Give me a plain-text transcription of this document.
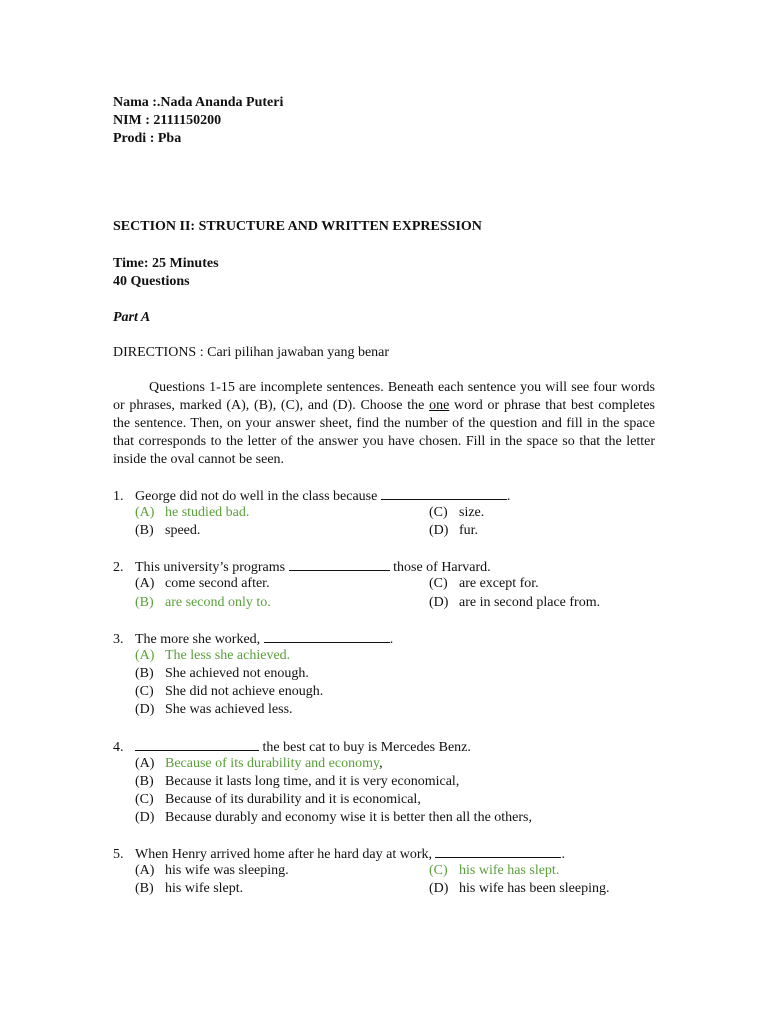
Nama :.Nada Ananda Puteri
NIM : 2111150200
Prodi : Pba
SECTION II: STRUCTURE AND WRITTEN EXPRESSION
Time: 25 Minutes
40 Questions
Part A
DIRECTIONS : Cari pilihan jawaban yang benar
Questions 1-15 are incomplete sentences. Beneath each sentence you will see four words or phrases, marked (A), (B), (C), and (D). Choose the one word or phrase that best completes the sentence. Then, on your answer sheet, find the number of the question and fill in the space that corresponds to the letter of the answer you have chosen. Fill in the space so that the letter inside the oval cannot be seen.
1. George did not do well in the class because	.
(A) he studied bad.
(B) speed.
(C) size.
(D) fur.
2. This university’s programs	those of Harvard.
(A) come second after.
(B) are second only to.
(C) are except for.
(D) are in second place from.
3. The more she worked,	.
(A) The less she achieved.
(B) She achieved not enough.
(C) She did not achieve enough.
(D) She was achieved less.
4.	the best cat to buy is Mercedes Benz.
(A) Because of its durability and economy,
(B) Because it lasts long time, and it is very economical,
(C) Because of its durability and it is economical,
(D) Because durably and economy wise it is better then all the others,
5. When Henry arrived home after he hard day at work,	.
(A) his wife was sleeping.
(B) his wife slept.
(C) his wife has slept.
(D) his wife has been sleeping.
